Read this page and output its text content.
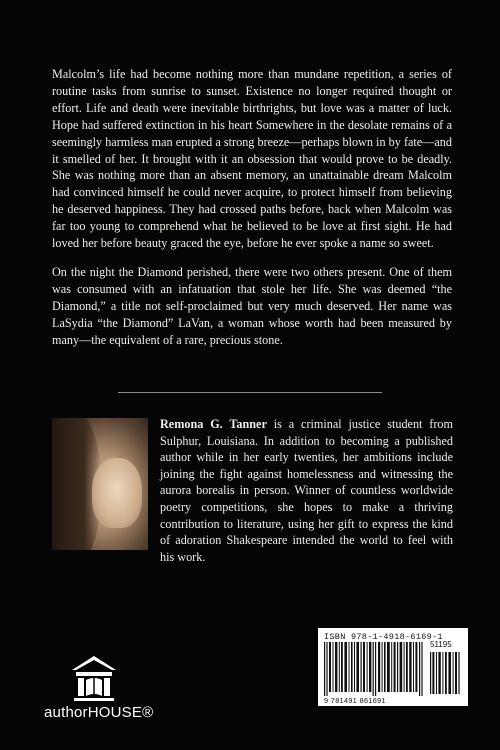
Malcolm’s life had become nothing more than mundane repetition, a series of routine tasks from sunrise to sunset. Existence no longer required thought or effort. Life and death were inevitable birthrights, but love was a matter of luck. Hope had suffered extinction in his heart Somewhere in the desolate remains of a seemingly harmless man erupted a strong breeze—perhaps blown in by fate—and it smelled of her. It brought with it an obsession that would prove to be deadly. She was nothing more than an absent memory, an unattainable dream Malcolm had convinced himself he could never acquire, to protect himself from believing he deserved happiness. They had crossed paths before, back when Malcolm was far too young to comprehend what he believed to be love at first sight. He had loved her before beauty graced the eye, before he ever spoke a name so sweet.

On the night the Diamond perished, there were two others present. One of them was consumed with an infatuation that stole her life. She was deemed “the Diamond,” a title not self-proclaimed but very much deserved. Her name was LaSydia “the Diamond” LaVan, a woman whose worth had been measured by many—the equivalent of a rare, precious stone.

Remona G. Tanner is a criminal justice student from Sulphur, Louisiana. In addition to becoming a published author while in her early twenties, her ambitions include joining the fight against homelessness and witnessing the aurora borealis in person. Winner of countless worldwide poetry competitions, she hopes to make a thriving contribution to literature, using her gift to express the kind of adoration Shakespeare intended the world to feel with his work.
authorHOUSE®
ISBN 978-1-4918-6169-1
51195
9 781491 861691
